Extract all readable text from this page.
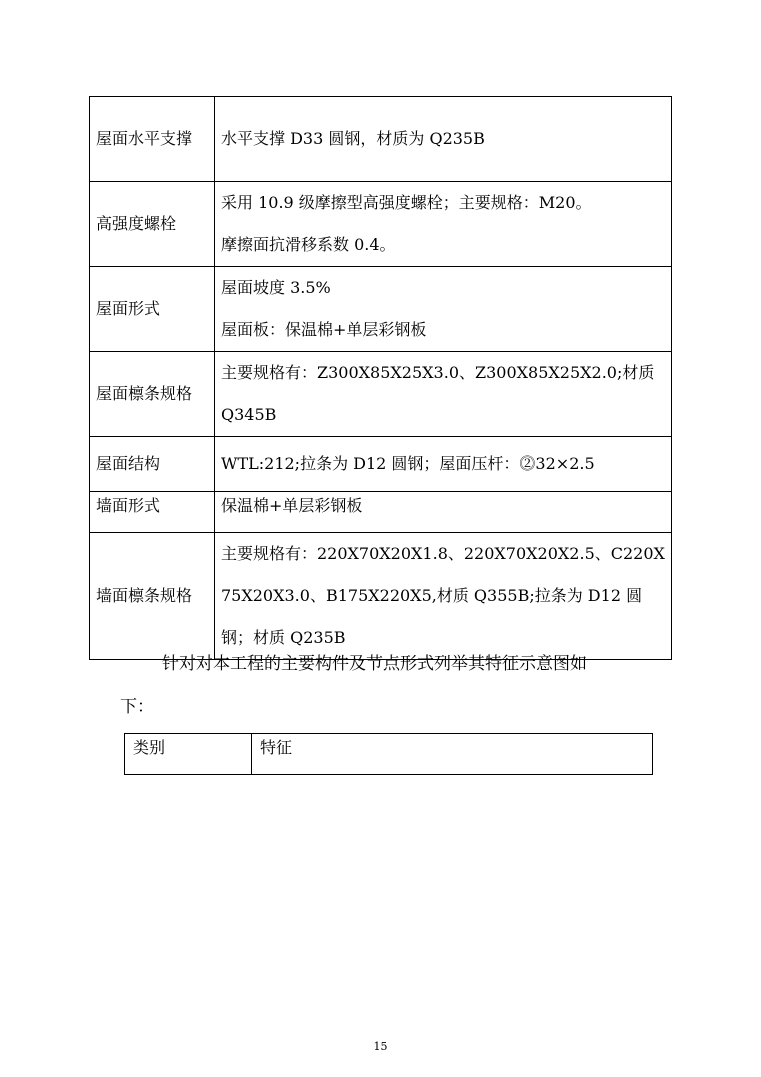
屋面水平支撑	水平支撑 D33 圆钢，材质为 Q235B

高强度螺栓	采用 10.9 级摩擦型高强度螺栓；主要规格：M20。
摩擦面抗滑移系数 0.4。

屋面形式	屋面坡度 3.5%
屋面板：保温棉+单层彩钢板

屋面檩条规格	主要规格有：Z300X85X25X3.0、Z300X85X25X2.0;材质 Q345B
屋面结构	WTL:212;拉条为 D12 圆钢；屋面压杆：⓶32×2.5
墙面形式	保温棉+单层彩钢板
墙面檩条规格	主要规格有：220X70X20X1.8、220X70X20X2.5、C220X75X20X3.0、B175X220X5,材质 Q355B;拉条为 D12 圆钢；材质 Q235B
针对对本工程的主要构件及节点形式列举其特征示意图如
下：
类别	特征
15
